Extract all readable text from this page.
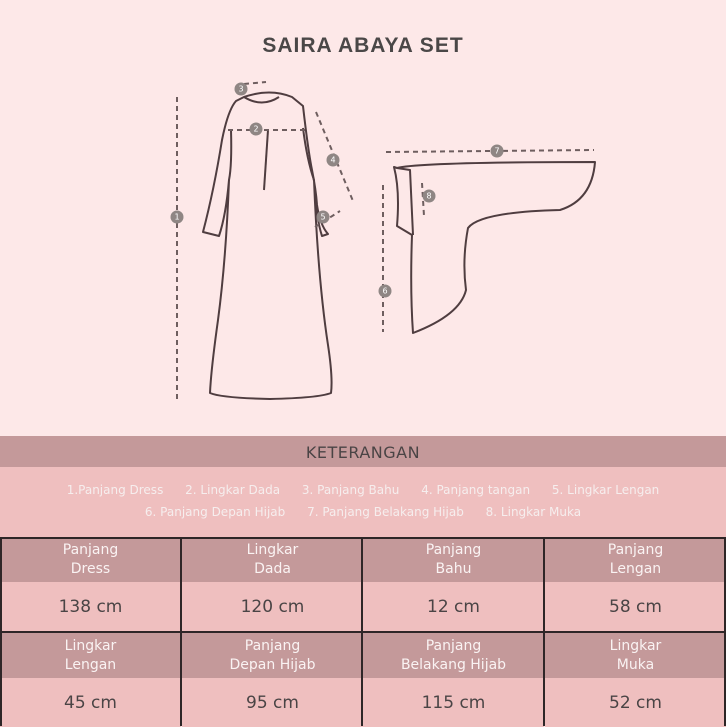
SAIRA ABAYA SET
1
2
3
4
5
6
7
8
KETERANGAN
1.Panjang Dress 2. Lingkar Dada 3. Panjang Bahu 4. Panjang tangan 5. Lingkar Lengan
6. Panjang Depan Hijab 7. Panjang Belakang Hijab 8. Lingkar Muka
Panjang
Dress
138 cm
Lingkar
Dada
120 cm
Panjang
Bahu
12 cm
Panjang
Lengan
58 cm
Lingkar
Lengan
45 cm
Panjang
Depan Hijab
95 cm
Panjang
Belakang Hijab
115 cm
Lingkar
Muka
52 cm
